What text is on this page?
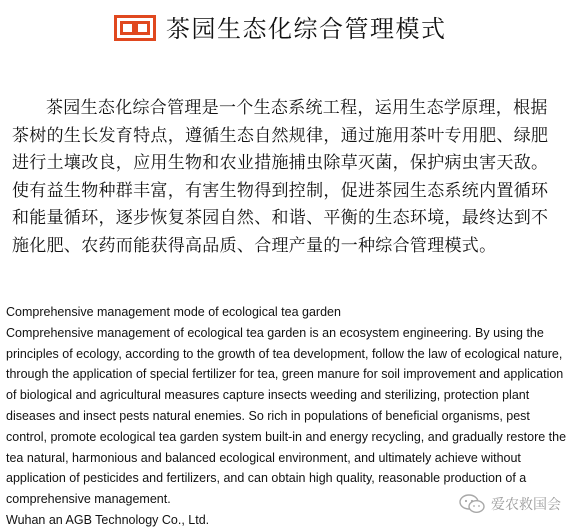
茶园生态化综合管理模式

茶园生态化综合管理是一个生态系统工程，运用生态学原理，根据茶树的生长发育特点，遵循生态自然规律，通过施用茶叶专用肥、绿肥进行土壤改良，应用生物和农业措施捕虫除草灭菌，保护病虫害天敌。使有益生物种群丰富，有害生物得到控制，促进茶园生态系统内置循环和能量循环，逐步恢复茶园自然、和谐、平衡的生态环境，最终达到不施化肥、农药而能获得高品质、合理产量的一种综合管理模式。

Comprehensive management mode of ecological tea garden

Comprehensive management of ecological tea garden is an ecosystem engineering. By using the principles of ecology, according to the growth of tea development, follow the law of ecological nature, through the application of special fertilizer for tea, green manure for soil improvement and application of biological and agricultural measures capture insects weeding and sterilizing, protection plant diseases and insect pests natural enemies. So rich in populations of beneficial organisms, pest control, promote ecological tea garden system built-in and energy recycling, and gradually restore the tea natural, harmonious and balanced ecological environment, and ultimately achieve without application of pesticides and fertilizers, and can obtain high quality, reasonable production of a comprehensive management.

Wuhan an AGB Technology Co., Ltd.

爱农救国会
